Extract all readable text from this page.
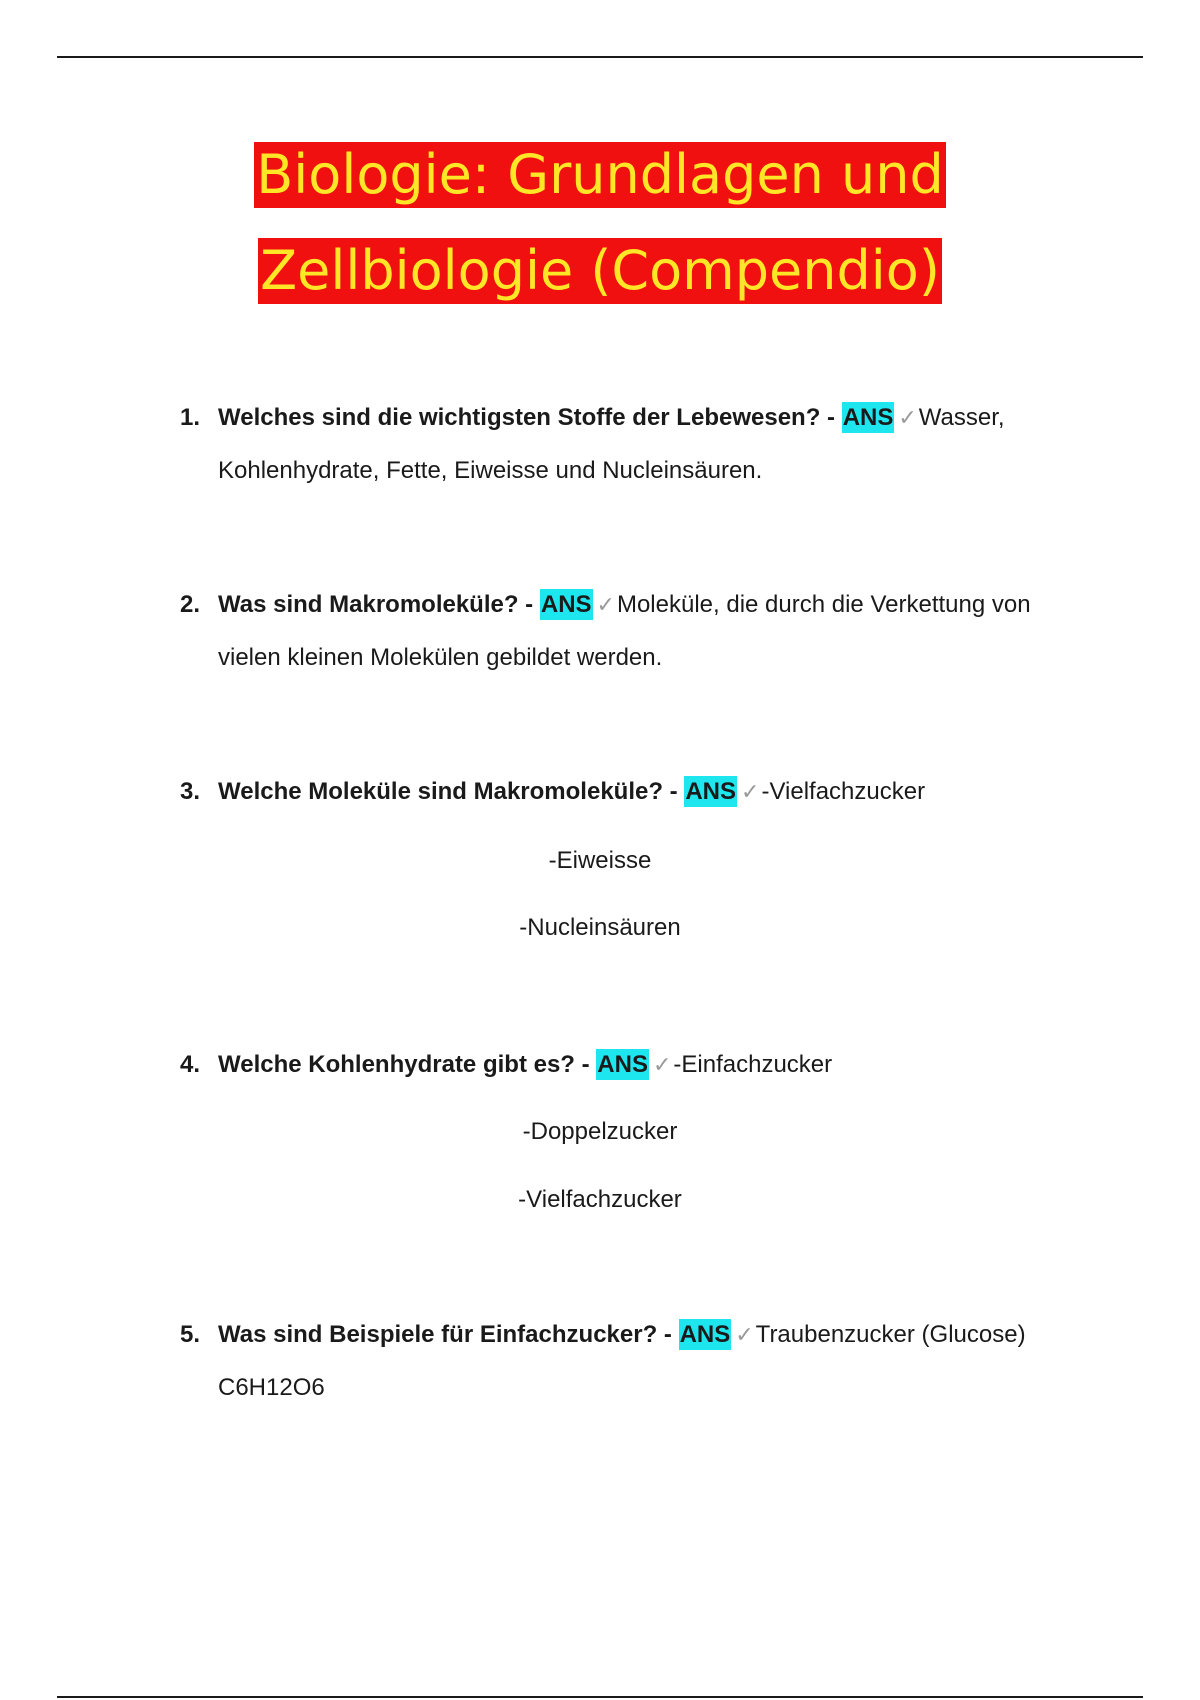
Biologie: Grundlagen und
Zellbiologie (Compendio)
1. Welches sind die wichtigsten Stoffe der Lebewesen? - ANS ✓Wasser,
Kohlenhydrate, Fette, Eiweisse und Nucleinsäuren.
2. Was sind Makromoleküle? - ANS ✓Moleküle, die durch die Verkettung von
vielen kleinen Molekülen gebildet werden.
3. Welche Moleküle sind Makromoleküle? - ANS ✓-Vielfachzucker
-Eiweisse
-Nucleinsäuren
4. Welche Kohlenhydrate gibt es? - ANS ✓-Einfachzucker
-Doppelzucker
-Vielfachzucker
5. Was sind Beispiele für Einfachzucker? - ANS ✓Traubenzucker (Glucose)
C6H12O6
